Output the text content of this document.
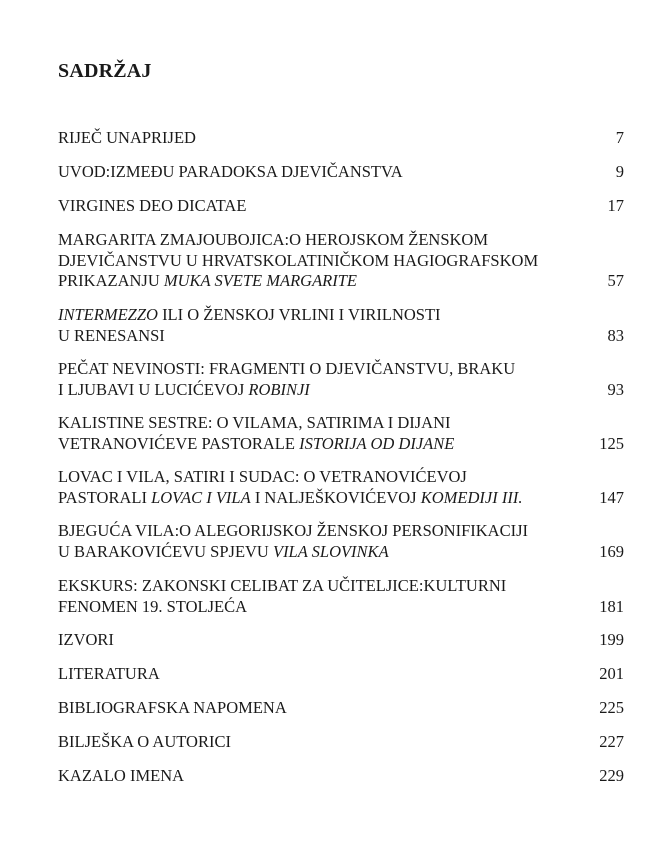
SADRŽAJ
RIJEČ UNAPRIJED	7
UVOD:IZMEĐU PARADOKSA DJEVIČANSTVA	9
VIRGINES DEO DICATAE	17
MARGARITA ZMAJOUBOJICA:O HEROJSKOM ŽENSKOM
DJEVIČANSTVU U HRVATSKOLATINIČKOM HAGIOGRAFSKOM
PRIKAZANJU MUKA SVETE MARGARITE	57
INTERMEZZO ILI O ŽENSKOJ VRLINI I VIRILNOSTI
U RENESANSI	83
PEČAT NEVINOSTI: FRAGMENTI O DJEVIČANSTVU, BRAKU
I LJUBAVI U LUCIĆEVOJ ROBINJI	93
KALISTINE SESTRE: O VILAMA, SATIRIMA I DIJANI
VETRANOVIĆEVE PASTORALE ISTORIJA OD DIJANE	125
LOVAC I VILA, SATIRI I SUDAC: O VETRANOVIĆEVOJ
PASTORALI LOVAC I VILA I NALJEŠKOVIĆEVOJ KOMEDIJI III.	147
BJEGUĆA VILA:O ALEGORIJSKOJ ŽENSKOJ PERSONIFIKACIJI
U BARAKOVIĆEVU SPJEVU VILA SLOVINKA	169
EKSKURS: ZAKONSKI CELIBAT ZA UČITELJICE:KULTURNI
FENOMEN 19. STOLJEĆA	181
IZVORI	199
LITERATURA	201
BIBLIOGRAFSKA NAPOMENA	225
BILJEŠKA O AUTORICI	227
KAZALO IMENA	229
